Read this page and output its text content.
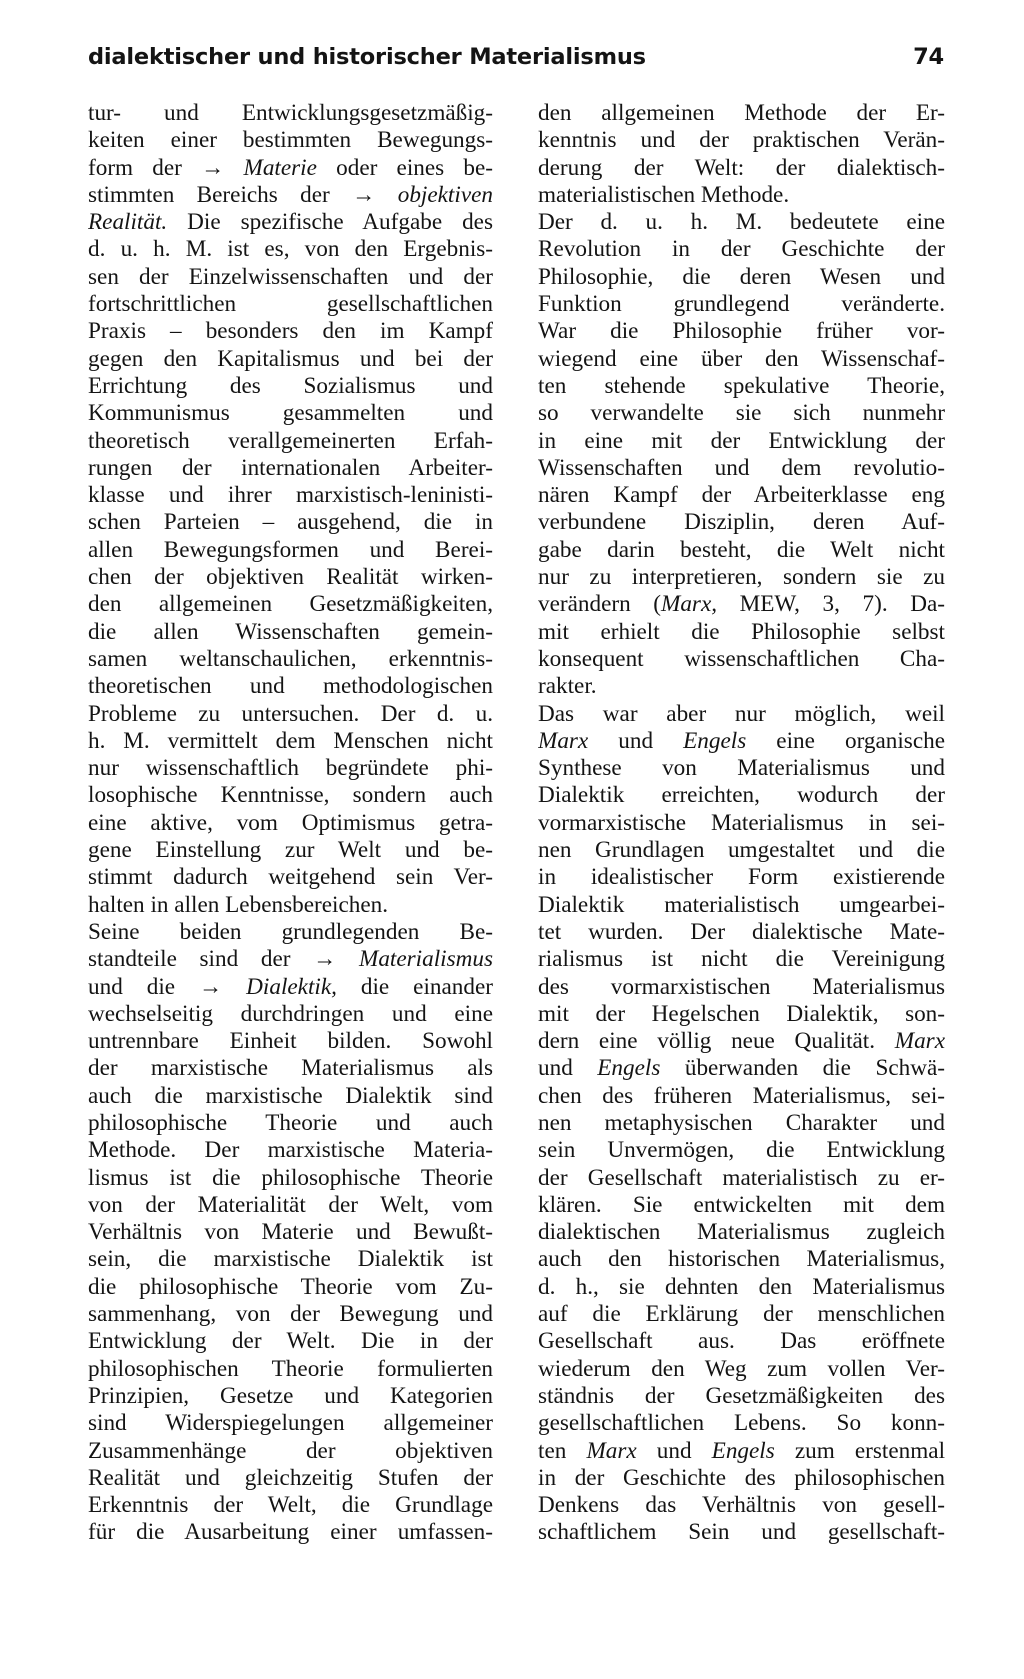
dialektischer und historischer Materialismus	74
tur- und Entwicklungsgesetzmäßig-
keiten einer bestimmten Bewegungs-
form der → Materie oder eines be-
stimmten Bereichs der → objektiven
Realität. Die spezifische Aufgabe des
d. u. h. M. ist es, von den Ergebnis-
sen der Einzelwissenschaften und der
fortschrittlichen gesellschaftlichen
Praxis – besonders den im Kampf
gegen den Kapitalismus und bei der
Errichtung des Sozialismus und
Kommunismus gesammelten und
theoretisch verallgemeinerten Erfah-
rungen der internationalen Arbeiter-
klasse und ihrer marxistisch-leninisti-
schen Parteien – ausgehend, die in
allen Bewegungsformen und Berei-
chen der objektiven Realität wirken-
den allgemeinen Gesetzmäßigkeiten,
die allen Wissenschaften gemein-
samen weltanschaulichen, erkenntnis-
theoretischen und methodologischen
Probleme zu untersuchen. Der d. u.
h. M. vermittelt dem Menschen nicht
nur wissenschaftlich begründete phi-
losophische Kenntnisse, sondern auch
eine aktive, vom Optimismus getra-
gene Einstellung zur Welt und be-
stimmt dadurch weitgehend sein Ver-
halten in allen Lebensbereichen.
Seine beiden grundlegenden Be-
standteile sind der → Materialismus
und die → Dialektik, die einander
wechselseitig durchdringen und eine
untrennbare Einheit bilden. Sowohl
der marxistische Materialismus als
auch die marxistische Dialektik sind
philosophische Theorie und auch
Methode. Der marxistische Materia-
lismus ist die philosophische Theorie
von der Materialität der Welt, vom
Verhältnis von Materie und Bewußt-
sein, die marxistische Dialektik ist
die philosophische Theorie vom Zu-
sammenhang, von der Bewegung und
Entwicklung der Welt. Die in der
philosophischen Theorie formulierten
Prinzipien, Gesetze und Kategorien
sind Widerspiegelungen allgemeiner
Zusammenhänge der objektiven
Realität und gleichzeitig Stufen der
Erkenntnis der Welt, die Grundlage
für die Ausarbeitung einer umfassen-
den allgemeinen Methode der Er-
kenntnis und der praktischen Verän-
derung der Welt: der dialektisch-
materialistischen Methode.
Der d. u. h. M. bedeutete eine
Revolution in der Geschichte der
Philosophie, die deren Wesen und
Funktion grundlegend veränderte.
War die Philosophie früher vor-
wiegend eine über den Wissenschaf-
ten stehende spekulative Theorie,
so verwandelte sie sich nunmehr
in eine mit der Entwicklung der
Wissenschaften und dem revolutio-
nären Kampf der Arbeiterklasse eng
verbundene Disziplin, deren Auf-
gabe darin besteht, die Welt nicht
nur zu interpretieren, sondern sie zu
verändern (Marx, MEW, 3, 7). Da-
mit erhielt die Philosophie selbst
konsequent wissenschaftlichen Cha-
rakter.
Das war aber nur möglich, weil
Marx und Engels eine organische
Synthese von Materialismus und
Dialektik erreichten, wodurch der
vormarxistische Materialismus in sei-
nen Grundlagen umgestaltet und die
in idealistischer Form existierende
Dialektik materialistisch umgearbei-
tet wurden. Der dialektische Mate-
rialismus ist nicht die Vereinigung
des vormarxistischen Materialismus
mit der Hegelschen Dialektik, son-
dern eine völlig neue Qualität. Marx
und Engels überwanden die Schwä-
chen des früheren Materialismus, sei-
nen metaphysischen Charakter und
sein Unvermögen, die Entwicklung
der Gesellschaft materialistisch zu er-
klären. Sie entwickelten mit dem
dialektischen Materialismus zugleich
auch den historischen Materialismus,
d. h., sie dehnten den Materialismus
auf die Erklärung der menschlichen
Gesellschaft aus. Das eröffnete
wiederum den Weg zum vollen Ver-
ständnis der Gesetzmäßigkeiten des
gesellschaftlichen Lebens. So konn-
ten Marx und Engels zum erstenmal
in der Geschichte des philosophischen
Denkens das Verhältnis von gesell-
schaftlichem Sein und gesellschaft-
